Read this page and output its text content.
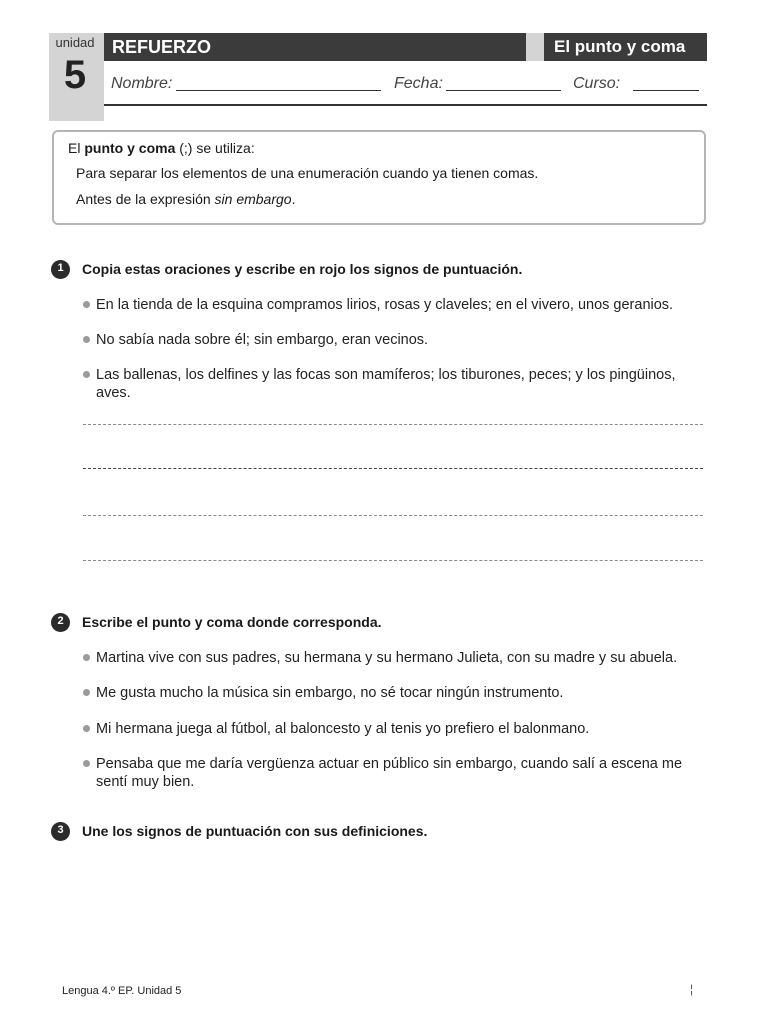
unidad
5
REFUERZO	El punto y coma
Nombre:	Fecha:	Curso:
El punto y coma (;) se utiliza:
Para separar los elementos de una enumeración cuando ya tienen comas.
Antes de la expresión sin embargo.
1	Copia estas oraciones y escribe en rojo los signos de puntuación.
En la tienda de la esquina compramos lirios, rosas y claveles; en el vivero, unos geranios.
No sabía nada sobre él; sin embargo, eran vecinos.
Las ballenas, los delfines y las focas son mamíferos; los tiburones, peces; y los pingüinos, aves.
2	Escribe el punto y coma donde corresponda.
Martina vive con sus padres, su hermana y su hermano Julieta, con su madre y su abuela.
Me gusta mucho la música sin embargo, no sé tocar ningún instrumento.
Mi hermana juega al fútbol, al baloncesto y al tenis yo prefiero el balonmano.
Pensaba que me daría vergüenza actuar en público sin embargo, cuando salí a escena me sentí muy bien.
3	Une los signos de puntuación con sus definiciones.
Lengua 4.º EP. Unidad 5	¦
